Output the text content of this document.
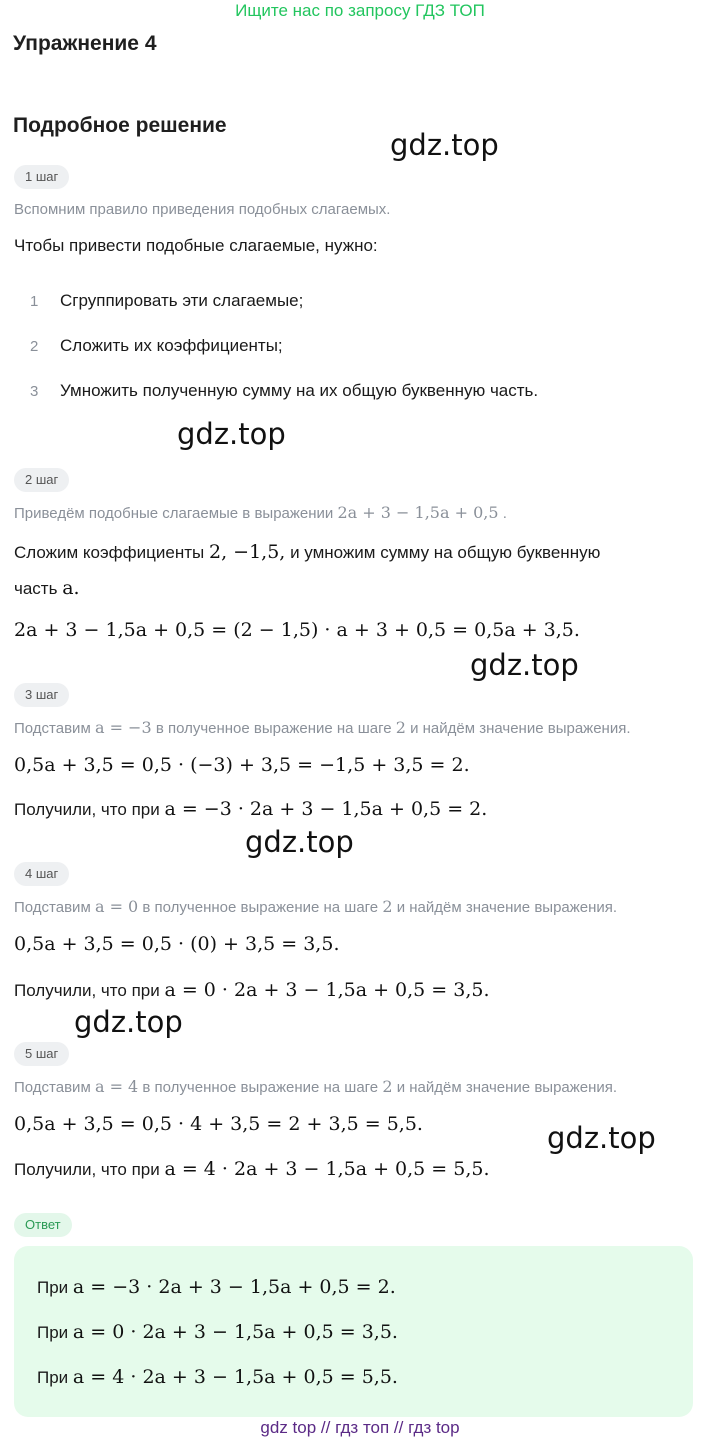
Ищите нас по запросу ГДЗ ТОП
Упражнение 4
Подробное решение
gdz.top
gdz.top
gdz.top
gdz.top
gdz.top
gdz.top
1 шаг
Вспомним правило приведения подобных слагаемых.
Чтобы привести подобные слагаемые, нужно:
1 Сгруппировать эти слагаемые;
2 Сложить их коэффициенты;
3 Умножить полученную сумму на их общую буквенную часть.
2 шаг
Приведём подобные слагаемые в выражении 2a + 3 − 1,5a + 0,5 .
Сложим коэффициенты 2, −1,5, и умножим сумму на общую буквенную
часть a.
2a + 3 − 1,5a + 0,5 = (2 − 1,5) · a + 3 + 0,5 = 0,5a + 3,5.
3 шаг
Подставим a = −3 в полученное выражение на шаге 2 и найдём значение выражения.
0,5a + 3,5 = 0,5 · (−3) + 3,5 = −1,5 + 3,5 = 2.
Получили, что при a = −3 · 2a + 3 − 1,5a + 0,5 = 2.
4 шаг
Подставим a = 0 в полученное выражение на шаге 2 и найдём значение выражения.
0,5a + 3,5 = 0,5 · (0) + 3,5 = 3,5.
Получили, что при a = 0 · 2a + 3 − 1,5a + 0,5 = 3,5.
5 шаг
Подставим a = 4 в полученное выражение на шаге 2 и найдём значение выражения.
0,5a + 3,5 = 0,5 · 4 + 3,5 = 2 + 3,5 = 5,5.
Получили, что при a = 4 · 2a + 3 − 1,5a + 0,5 = 5,5.
Ответ
При a = −3 · 2a + 3 − 1,5a + 0,5 = 2.
При a = 0 · 2a + 3 − 1,5a + 0,5 = 3,5.
При a = 4 · 2a + 3 − 1,5a + 0,5 = 5,5.
gdz top // гдз топ // гдз top
